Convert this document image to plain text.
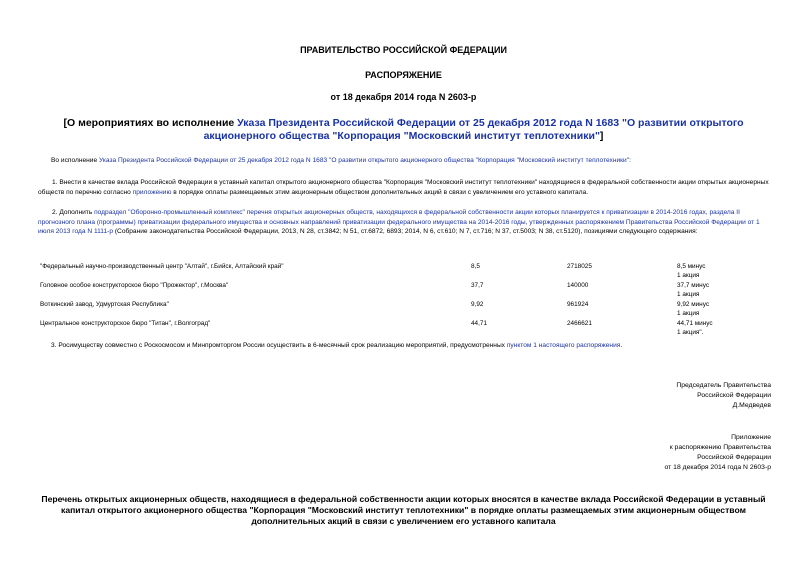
ПРАВИТЕЛЬСТВО РОССИЙСКОЙ ФЕДЕРАЦИИ
РАСПОРЯЖЕНИЕ
от 18 декабря 2014 года N 2603-р
[О мероприятиях во исполнение Указа Президента Российской Федерации от 25 декабря 2012 года N 1683 "О развитии открытого акционерного общества "Корпорация "Московский институт теплотехники"]
Во исполнение Указа Президента Российской Федерации от 25 декабря 2012 года N 1683 "О развитии открытого акционерного общества "Корпорация "Московский институт теплотехники":
1. Внести в качестве вклада Российской Федерации в уставный капитал открытого акционерного общества "Корпорация "Московский институт теплотехники" находящиеся в федеральной собственности акции открытых акционерных обществ по перечню согласно приложению в порядке оплаты размещаемых этим акционерным обществом дополнительных акций в связи с увеличением его уставного капитала.
2. Дополнить подраздел "Оборонно-промышленный комплекс" перечня открытых акционерных обществ, находящихся в федеральной собственности акции которых планируется к приватизации в 2014-2016 годах, раздела II прогнозного плана (программы) приватизации федерального имущества и основных направлений приватизации федерального имущества на 2014-2016 годы, утвержденных распоряжением Правительства Российской Федерации от 1 июля 2013 года N 1111-р (Собрание законодательства Российской Федерации, 2013, N 28, ст.3842; N 51, ст.6872, 6893; 2014, N 6, ст.610; N 7, ст.716; N 37, ст.5003; N 38, ст.5120), позициями следующего содержания:
"Федеральный научно-производственный центр "Алтай", г.Бийск, Алтайский край"	8,5	2718025	8,5 минус
1 акция
Головное особое конструкторское бюро "Прожектор", г.Москва"	37,7	140000	37,7 минус
1 акция
Воткинский завод, Удмуртская Республика"	9,92	961924	9,92 минус
1 акция
Центральное конструкторское бюро "Титан", г.Волгоград"	44,71	2466621	44,71 минус
1 акция".
3. Росимуществу совместно с Роскосмосом и Минпромторгом России осуществить в 6-месячный срок реализацию мероприятий, предусмотренных пунктом 1 настоящего распоряжения.
Председатель Правительства
Российской Федерации
Д.Медведев
Приложение
к распоряжению Правительства
Российской Федерации
от 18 декабря 2014 года N 2603-р
Перечень открытых акционерных обществ, находящиеся в федеральной собственности акции которых вносятся в качестве вклада Российской Федерации в уставный капитал открытого акционерного общества "Корпорация "Московский институт теплотехники" в порядке оплаты размещаемых этим акционерным обществом дополнительных акций в связи с увеличением его уставного капитала
